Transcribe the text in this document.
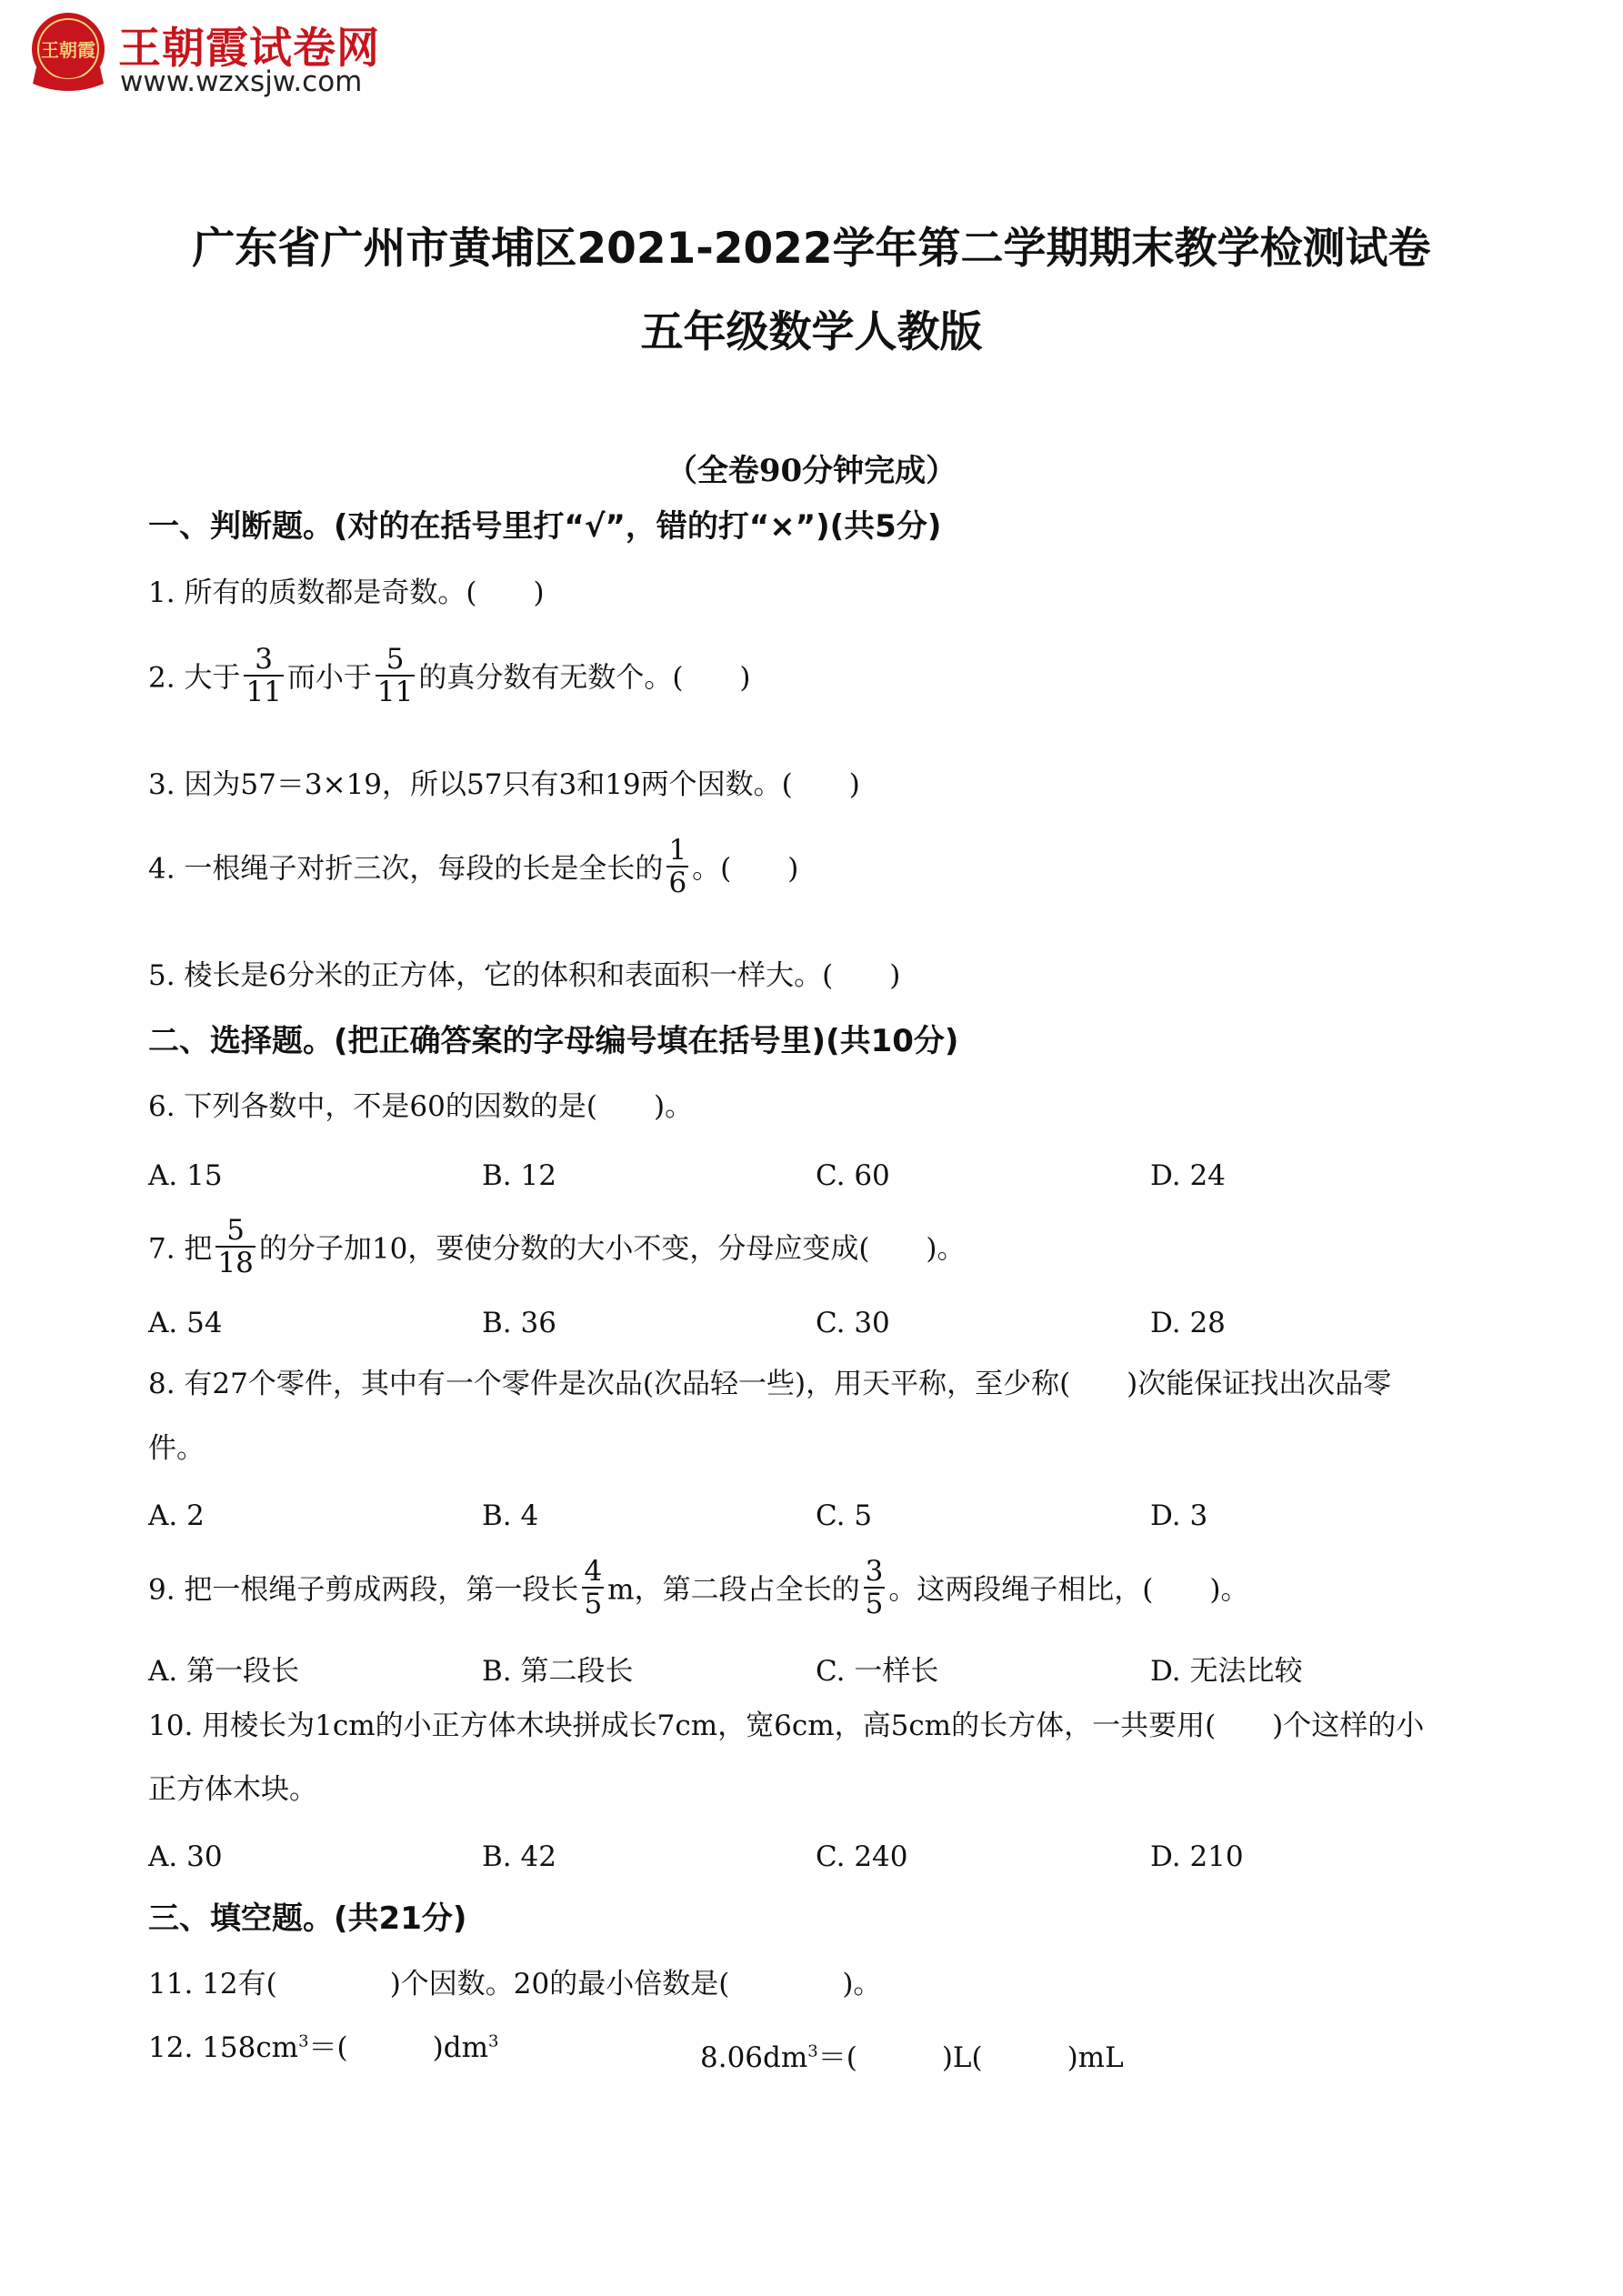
王朝霞 王朝霞试卷网
www.wzxsjw.com
广东省广州市黄埔区2021-2022学年第二学期期末教学检测试卷
五年级数学人教版
（全卷90分钟完成）
一、判断题。(对的在括号里打“√”，错的打“×”)(共5分)
1. 所有的质数都是奇数。(　　)
2. 大于 $\frac{3}{11}$ 而小于 $\frac{5}{11}$ 的真分数有无数个。(　　)
3. 因为57＝3×19，所以57只有3和19两个因数。(　　)
4. 一根绳子对折三次，每段的长是全长的 $\frac{1}{6}$ 。(　　)
5. 棱长是6分米的正方体，它的体积和表面积一样大。(　　)
二、选择题。(把正确答案的字母编号填在括号里)(共10分)
6. 下列各数中，不是60的因数的是(　　)。
A. 15	B. 12	C. 60	D. 24
7. 把 $\frac{5}{18}$ 的分子加10，要使分数的大小不变，分母应变成(　　)。
A. 54	B. 36	C. 30	D. 28
8. 有27个零件，其中有一个零件是次品(次品轻一些)，用天平称，至少称(　　)次能保证找出次品零
件。
A. 2	B. 4	C. 5	D. 3
9. 把一根绳子剪成两段，第一段长 $\frac{4}{5}$ m，第二段占全长的 $\frac{3}{5}$ 。这两段绳子相比，(　　)。
A. 第一段长	B. 第二段长	C. 一样长	D. 无法比较
10. 用棱长为1cm的小正方体木块拼成长7cm，宽6cm，高5cm的长方体，一共要用(　　)个这样的小
正方体木块。
A. 30	B. 42	C. 240	D. 210
三、填空题。(共21分)
11. 12有(　　　　)个因数。20的最小倍数是(　　　　)。
12. $158cm^3=$(　　　)$dm^3$	$8.06dm^3=$(　　　)L(　　　)mL
